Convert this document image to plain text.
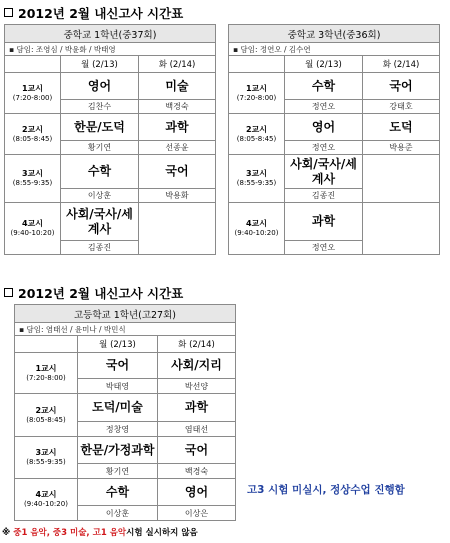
2012년 2월 내신고사 시간표
중학교 1학년(중37회)		
▪ 담임: 조영심 / 박윤화 / 박태영		
	월 (2/13)	화 (2/14)

1교시
(7:20-8:00)	영어	미술
	김찬수	백경숙

2교시
(8:05-8:45)	한문/도덕	과학
	황기연	선종윤

3교시
(8:55-9:35)	수학	국어
	이상훈	박용화

4교시
(9:40-10:20)	사회/국사/세계사	
	김종진	
중학교 3학년(중36회)		
▪ 담임: 정연오 / 김수연		
	월 (2/13)	화 (2/14)

1교시
(7:20-8:00)	수학	국어
	정연오	강태호

2교시
(8:05-8:45)	영어	도덕
	정연오	박용준

3교시
(8:55-9:35)	사회/국사/세계사	
	김종진	

4교시
(9:40-10:20)	과학	
	정연오	
2012년 2월 내신고사 시간표
고등학교 1학년(고27회)		
▪ 담임: 염태선 / 윤미나 / 박민식		
	월 (2/13)	화 (2/14)

1교시
(7:20-8:00)	국어	사회/지리
	박태영	박선양

2교시
(8:05-8:45)	도덕/미술	과학
	정창영	염태선

3교시
(8:55-9:35)	한문/가정과학	국어
	황기연	백경숙

4교시
(9:40-10:20)	수학	영어
	이상훈	이상은
고3 시험 미실시, 정상수업 진행함
※ 중1 음악, 중3 미술, 고1 음악시험 실시하지 않음
